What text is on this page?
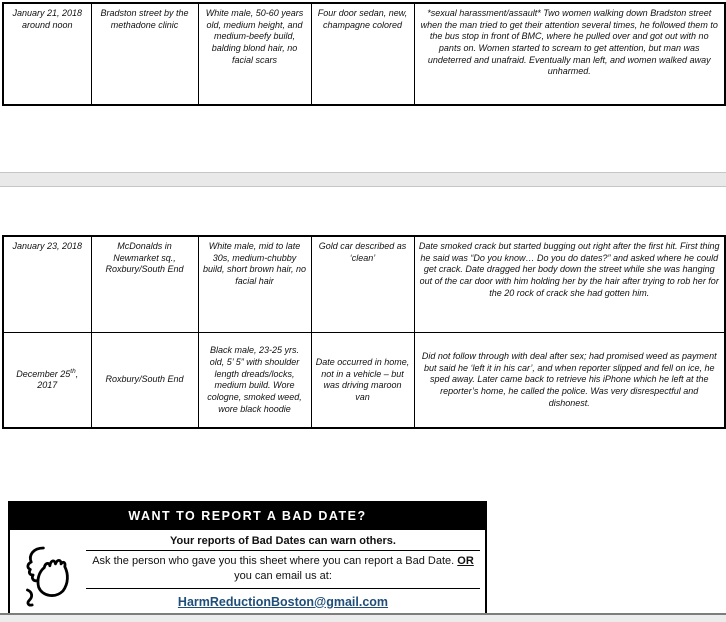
January 21, 2018 around noon	Bradston street by the methadone clinic	White male, 50-60 years old, medium height, and medium-beefy build, balding blond hair, no facial scars	Four door sedan, new, champagne colored	*sexual harassment/assault* Two women walking down Bradston street when the man tried to get their attention several times, he followed them to the bus stop in front of BMC, where he pulled over and got out with no pants on. Women started to scream to get attention, but man was undeterred and unafraid. Eventually man left, and women walked away unharmed.
January 23, 2018	McDonalds in Newmarket sq., Roxbury/South End	White male, mid to late 30s, medium-chubby build, short brown hair, no facial hair	Gold car described as ‘clean’	Date smoked crack but started bugging out right after the first hit. First thing he said was “Do you know… Do you do dates?” and asked where he could get crack. Date dragged her body down the street while she was hanging out of the car door with him holding her by the hair after trying to rob her for the 20 rock of crack she had gotten him.
December 25th, 2017	Roxbury/South End	Black male, 23-25 yrs. old, 5’ 5” with shoulder length dreads/locks, medium build. Wore cologne, smoked weed, wore black hoodie	Date occurred in home, not in a vehicle – but was driving maroon van	Did not follow through with deal after sex; had promised weed as payment but said he ‘left it in his car’, and when reporter slipped and fell on ice, he sped away. Later came back to retrieve his iPhone which he left at the reporter’s home, he called the police. Was very disrespectful and dishonest.
WANT TO REPORT A BAD DATE?
Your reports of Bad Dates can warn others.
Ask the person who gave you this sheet where you can report a Bad Date. OR you can email us at:
HarmReductionBoston@gmail.com
